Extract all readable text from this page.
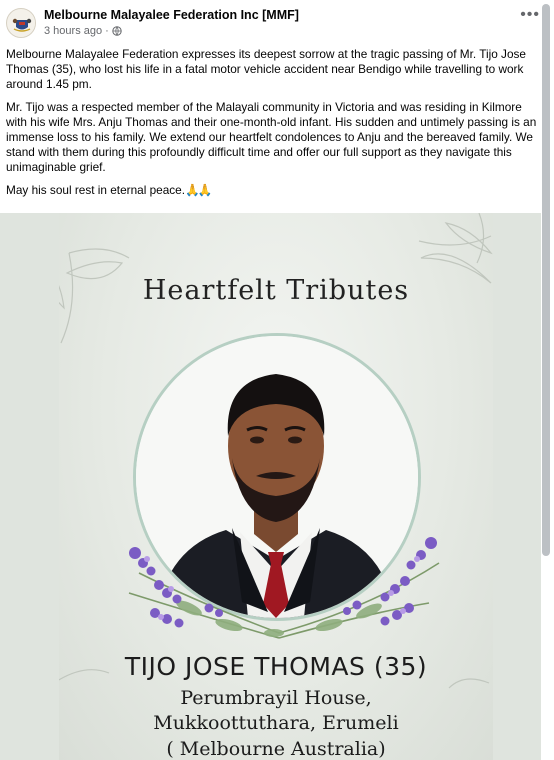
Melbourne Malayalee Federation Inc [MMF]
3 hours ago ·
•••

Melbourne Malayalee Federation expresses its deepest sorrow at the tragic passing of Mr. Tijo Jose Thomas (35), who lost his life in a fatal motor vehicle accident near Bendigo while travelling to work around 1.45 pm.

Mr. Tijo was a respected member of the Malayali community in Victoria and was residing in Kilmore with his wife Mrs. Anju Thomas and their one-month-old infant. His sudden and untimely passing is an immense loss to his family. We extend our heartfelt condolences to Anju and the bereaved family. We stand with them during this profoundly difficult time and offer our full support as they navigate this unimaginable grief.

May his soul rest in eternal peace.🙏🙏

Heartfelt Tributes
TIJO JOSE THOMAS (35)
Perumbrayil House,
Mukkoottuthara, Erumeli
( Melbourne Australia)
